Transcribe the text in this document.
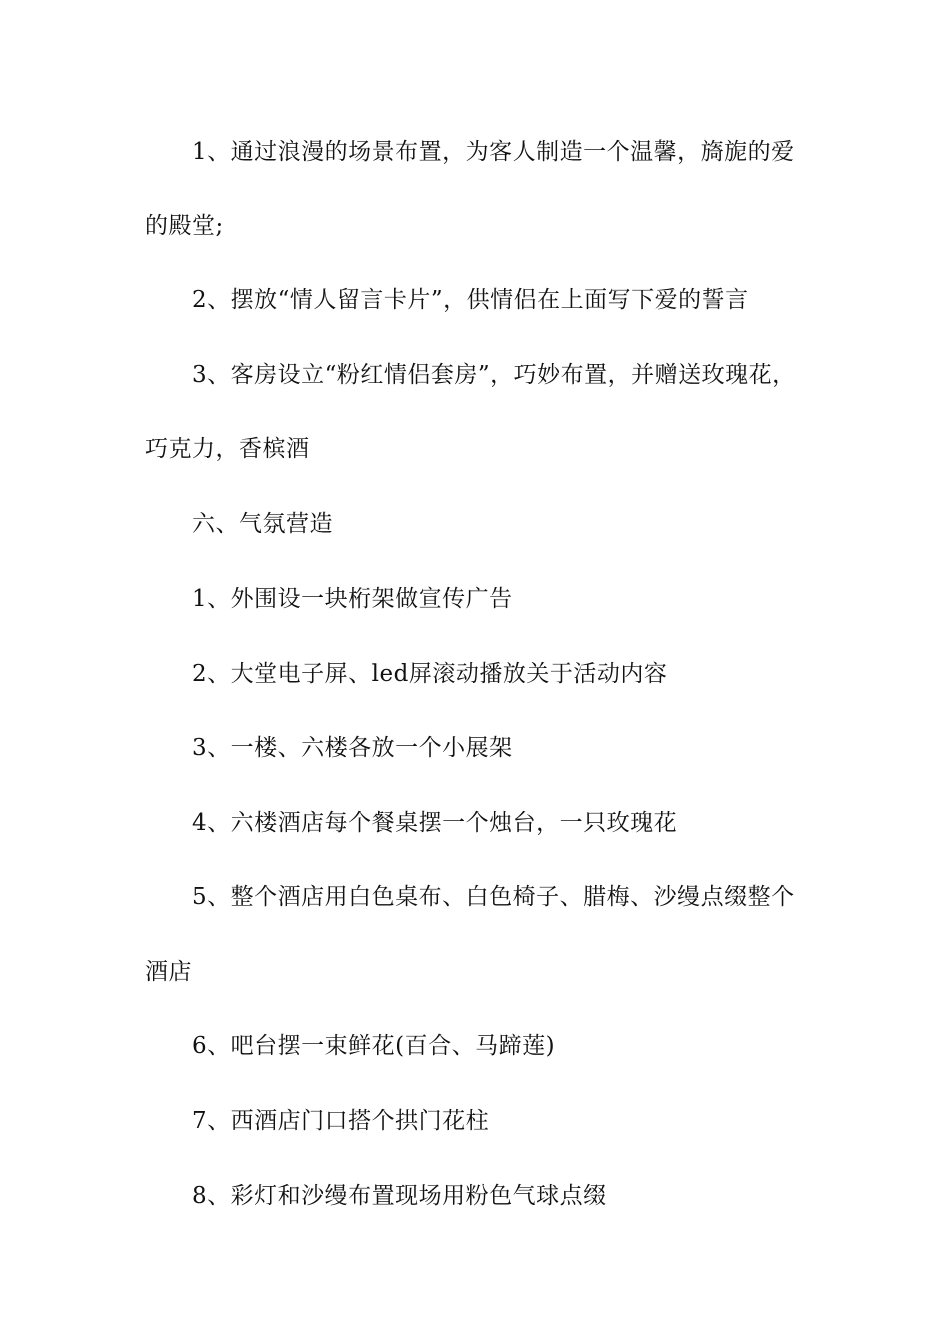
1、通过浪漫的场景布置，为客人制造一个温馨，旖旎的爱
的殿堂;
2、摆放“情人留言卡片”，供情侣在上面写下爱的誓言
3、客房设立“粉红情侣套房”，巧妙布置，并赠送玫瑰花，
巧克力，香槟酒
六、气氛营造
1、外围设一块桁架做宣传广告
2、大堂电子屏、led屏滚动播放关于活动内容
3、一楼、六楼各放一个小展架
4、六楼酒店每个餐桌摆一个烛台，一只玫瑰花
5、整个酒店用白色桌布、白色椅子、腊梅、沙缦点缀整个
酒店
6、吧台摆一束鲜花(百合、马蹄莲)
7、西酒店门口搭个拱门花柱
8、彩灯和沙缦布置现场用粉色气球点缀
